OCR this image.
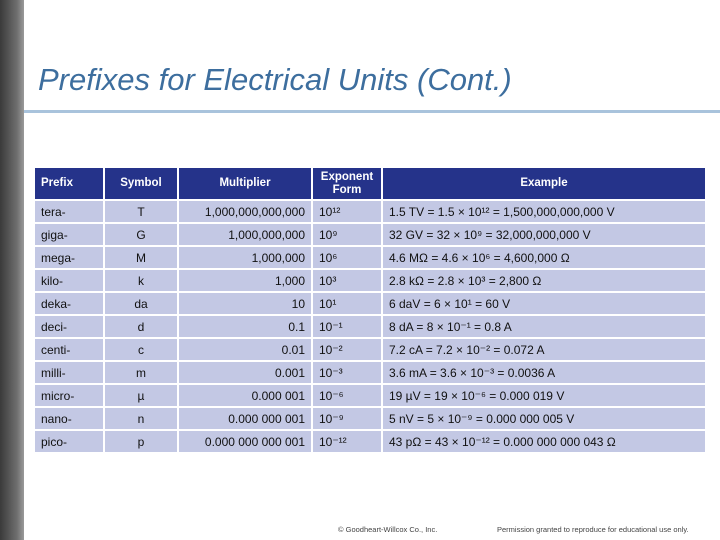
Prefixes for Electrical Units (Cont.)
Prefix	Symbol	Multiplier	Exponent Form	Example
tera-	T	1,000,000,000,000	10¹²	1.5 TV = 1.5 × 10¹² = 1,500,000,000,000 V
giga-	G	1,000,000,000	10⁹	32 GV = 32 × 10⁹ = 32,000,000,000 V
mega-	M	1,000,000	10⁶	4.6 MΩ = 4.6 × 10⁶ = 4,600,000 Ω
kilo-	k	1,000	10³	2.8 kΩ = 2.8 × 10³ = 2,800 Ω
deka-	da	10	10¹	6 daV = 6 × 10¹ = 60 V
deci-	d	0.1	10⁻¹	8 dA = 8 × 10⁻¹ = 0.8 A
centi-	c	0.01	10⁻²	7.2 cA = 7.2 × 10⁻² = 0.072 A
milli-	m	0.001	10⁻³	3.6 mA = 3.6 × 10⁻³ = 0.0036 A
micro-	µ	0.000 001	10⁻⁶	19 µV = 19 × 10⁻⁶ = 0.000 019 V
nano-	n	0.000 000 001	10⁻⁹	5 nV = 5 × 10⁻⁹ = 0.000 000 005 V
pico-	p	0.000 000 000 001	10⁻¹²	43 pΩ = 43 × 10⁻¹² = 0.000 000 000 043 Ω
© Goodheart-Willcox Co., Inc.	Permission granted to reproduce for educational use only.
